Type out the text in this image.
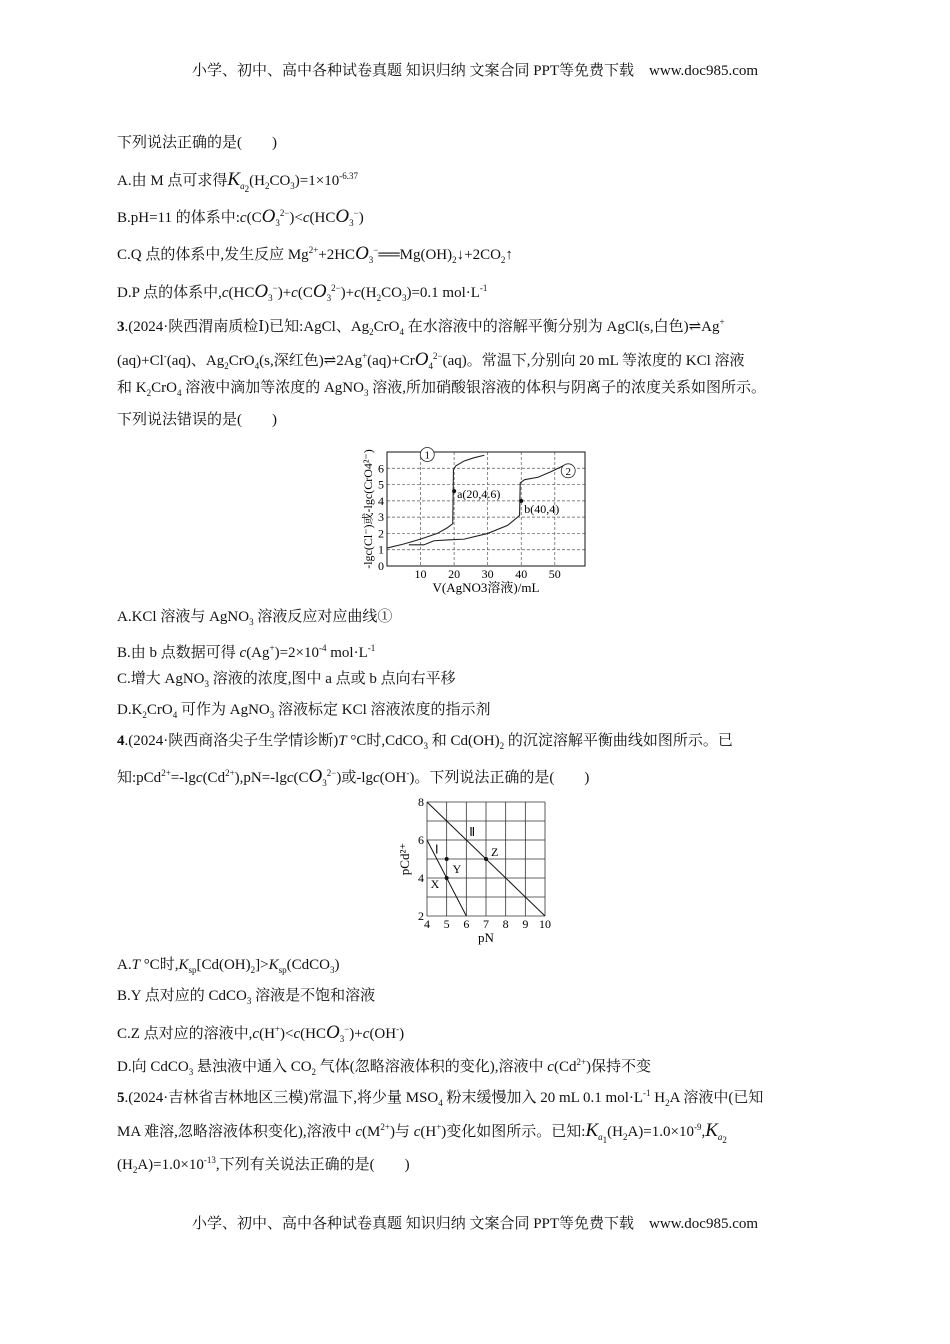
小学、初中、高中各种试卷真题 知识归纳 文案合同 PPT等免费下载　www.doc985.com
下列说法正确的是(　　)
A.由 M 点可求得$K_{a_2}(H_2CO_3)=1\times 10^{-6.37}$
B.pH=11 的体系中$:c(CO_3^{2-})<c(HCO_3^-)$
C.Q 点的体系中,发生反应 $Mg^{2+}+2HCO_3^-══Mg(OH)_2↓+2CO_2↑$
D.P 点的体系中$,c(HCO_3^-)+c(CO_3^{2-})+c(H_2CO_3)=0.1$ $mol\cdot L^{-1}$
3.(2024·陕西渭南质检Ⅰ)已知:AgCl、$Ag_2CrO_4$ 在水溶液中的溶解平衡分别为 AgCl(s,白色)⇌Ag+
(aq)+Cl-(aq)、$Ag_2CrO_4(s$,深红色)⇌2Ag+(aq)+CrO$_4^{2-}$(aq)。常温下,分别向 20 mL 等浓度的 KCl 溶液
和 $K_2CrO_4$ 溶液中滴加等浓度的 AgNO$_3$ 溶液,所加硝酸银溶液的体积与阴离子的浓度关系如图所示。
下列说法错误的是(　　)
10 20 30 40 50
0
1
2
3
4
5
6
1
2
a(20,4.6)
b(40,4)
V(AgNO3溶液)/mL
-lgc(Cl⁻)或-lgc(CrO4²⁻)
A.KCl 溶液与 AgNO$_3$ 溶液反应对应曲线①
B.由 b 点数据可得 $c(Ag^+)=2\times 10^{-4}$ $mol\cdot L^{-1}$
C.增大 AgNO$_3$ 溶液的浓度,图中 a 点或 b 点向右平移
$D.K_2CrO_4$ 可作为 AgNO$_3$ 溶液标定 KCl 溶液浓度的指示剂
4.(2024·陕西商洛尖子生学情诊断)T °C时,CdCO$_3$ 和 $Cd(OH)_2$ 的沉淀溶解平衡曲线如图所示。已
知$:pCd^{2+}=-\lg c(Cd^{2+}),pN=-\lg c(CO_3^{2-})$或-lgc(OH-)。下列说法正确的是(　　)
4 5 6 7 8 9 10
2
4
6
8
Ⅰ
Ⅱ
X
Y
Z
pN
pCd²⁺
A.T °C时$,K_{sp}[Cd(OH)_2]>K_{sp}(CdCO_3)$
B.Y 点对应的 CdCO$_3$ 溶液是不饱和溶液
C.Z 点对应的溶液中$,c(H^+)<c(HCO_3^-)+c(OH^-)$
D.向 CdCO$_3$ 悬浊液中通入 $CO_2$ 气体(忽略溶液体积的变化),溶液中 $c(Cd^{2+})$保持不变
5.(2024·吉林省吉林地区三模)常温下,将少量 $MSO_4$ 粉末缓慢加入 20 mL 0.1 $mol\cdot L^{-1}$ $H_2A$ 溶液中(已知
MA 难溶,忽略溶液体积变化),溶液中 $c(M^{2+})$与 c(H+)变化如图所示。已知$:K_{a_1}(H_2A)=1.0\times 10^{-9},K_{a_2}$
$(H_2A)=1.0\times 10^{-13}$,下列有关说法正确的是(　　)
小学、初中、高中各种试卷真题 知识归纳 文案合同 PPT等免费下载　www.doc985.com
